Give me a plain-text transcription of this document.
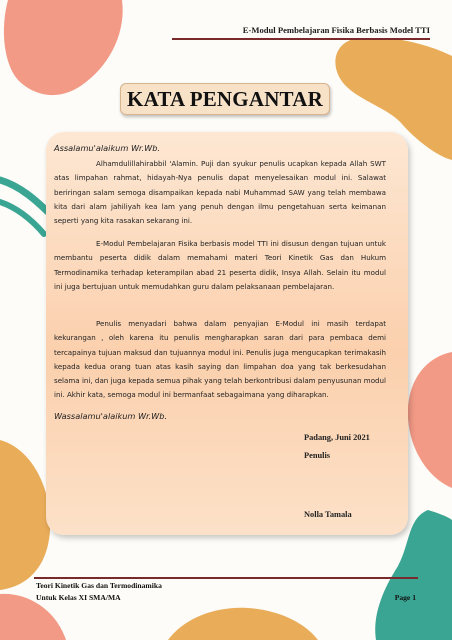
E-Modul Pembelajaran Fisika Berbasis Model TTI
KATA PENGANTAR
Assalamu'alaikum Wr.Wb.

Alhamdulillahirabbil 'Alamin. Puji dan syukur penulis ucapkan kepada Allah SWT atas limpahan rahmat, hidayah-Nya penulis dapat menyelesaikan modul ini. Salawat beriringan salam semoga disampaikan kepada nabi Muhammad SAW yang telah membawa kita dari alam jahiliyah kea lam yang penuh dengan ilmu pengetahuan serta keimanan seperti yang kita rasakan sekarang ini.

E-Modul Pembelajaran Fisika berbasis model TTI ini disusun dengan tujuan untuk membantu peserta didik dalam memahami materi Teori Kinetik Gas dan Hukum Termodinamika terhadap keterampilan abad 21 peserta didik, Insya Allah. Selain itu modul ini juga bertujuan untuk memudahkan guru dalam pelaksanaan pembelajaran.

Penulis menyadari bahwa dalam penyajian E-Modul ini masih terdapat kekurangan , oleh karena itu penulis mengharapkan saran dari para pembaca demi tercapainya tujuan maksud dan tujuannya modul ini. Penulis juga mengucapkan terimakasih kepada kedua orang tuan atas kasih saying dan limpahan doa yang tak berkesudahan selama ini, dan juga kepada semua pihak yang telah berkontribusi dalam penyusunan modul ini. Akhir kata, semoga modul ini bermanfaat sebagaimana yang diharapkan.

Wassalamu'alaikum Wr.Wb.
Padang, Juni 2021
Penulis
Nolla Tamala
Teori Kinetik Gas dan Termodinamika
Untuk Kelas XI SMA/MA	Page 1
